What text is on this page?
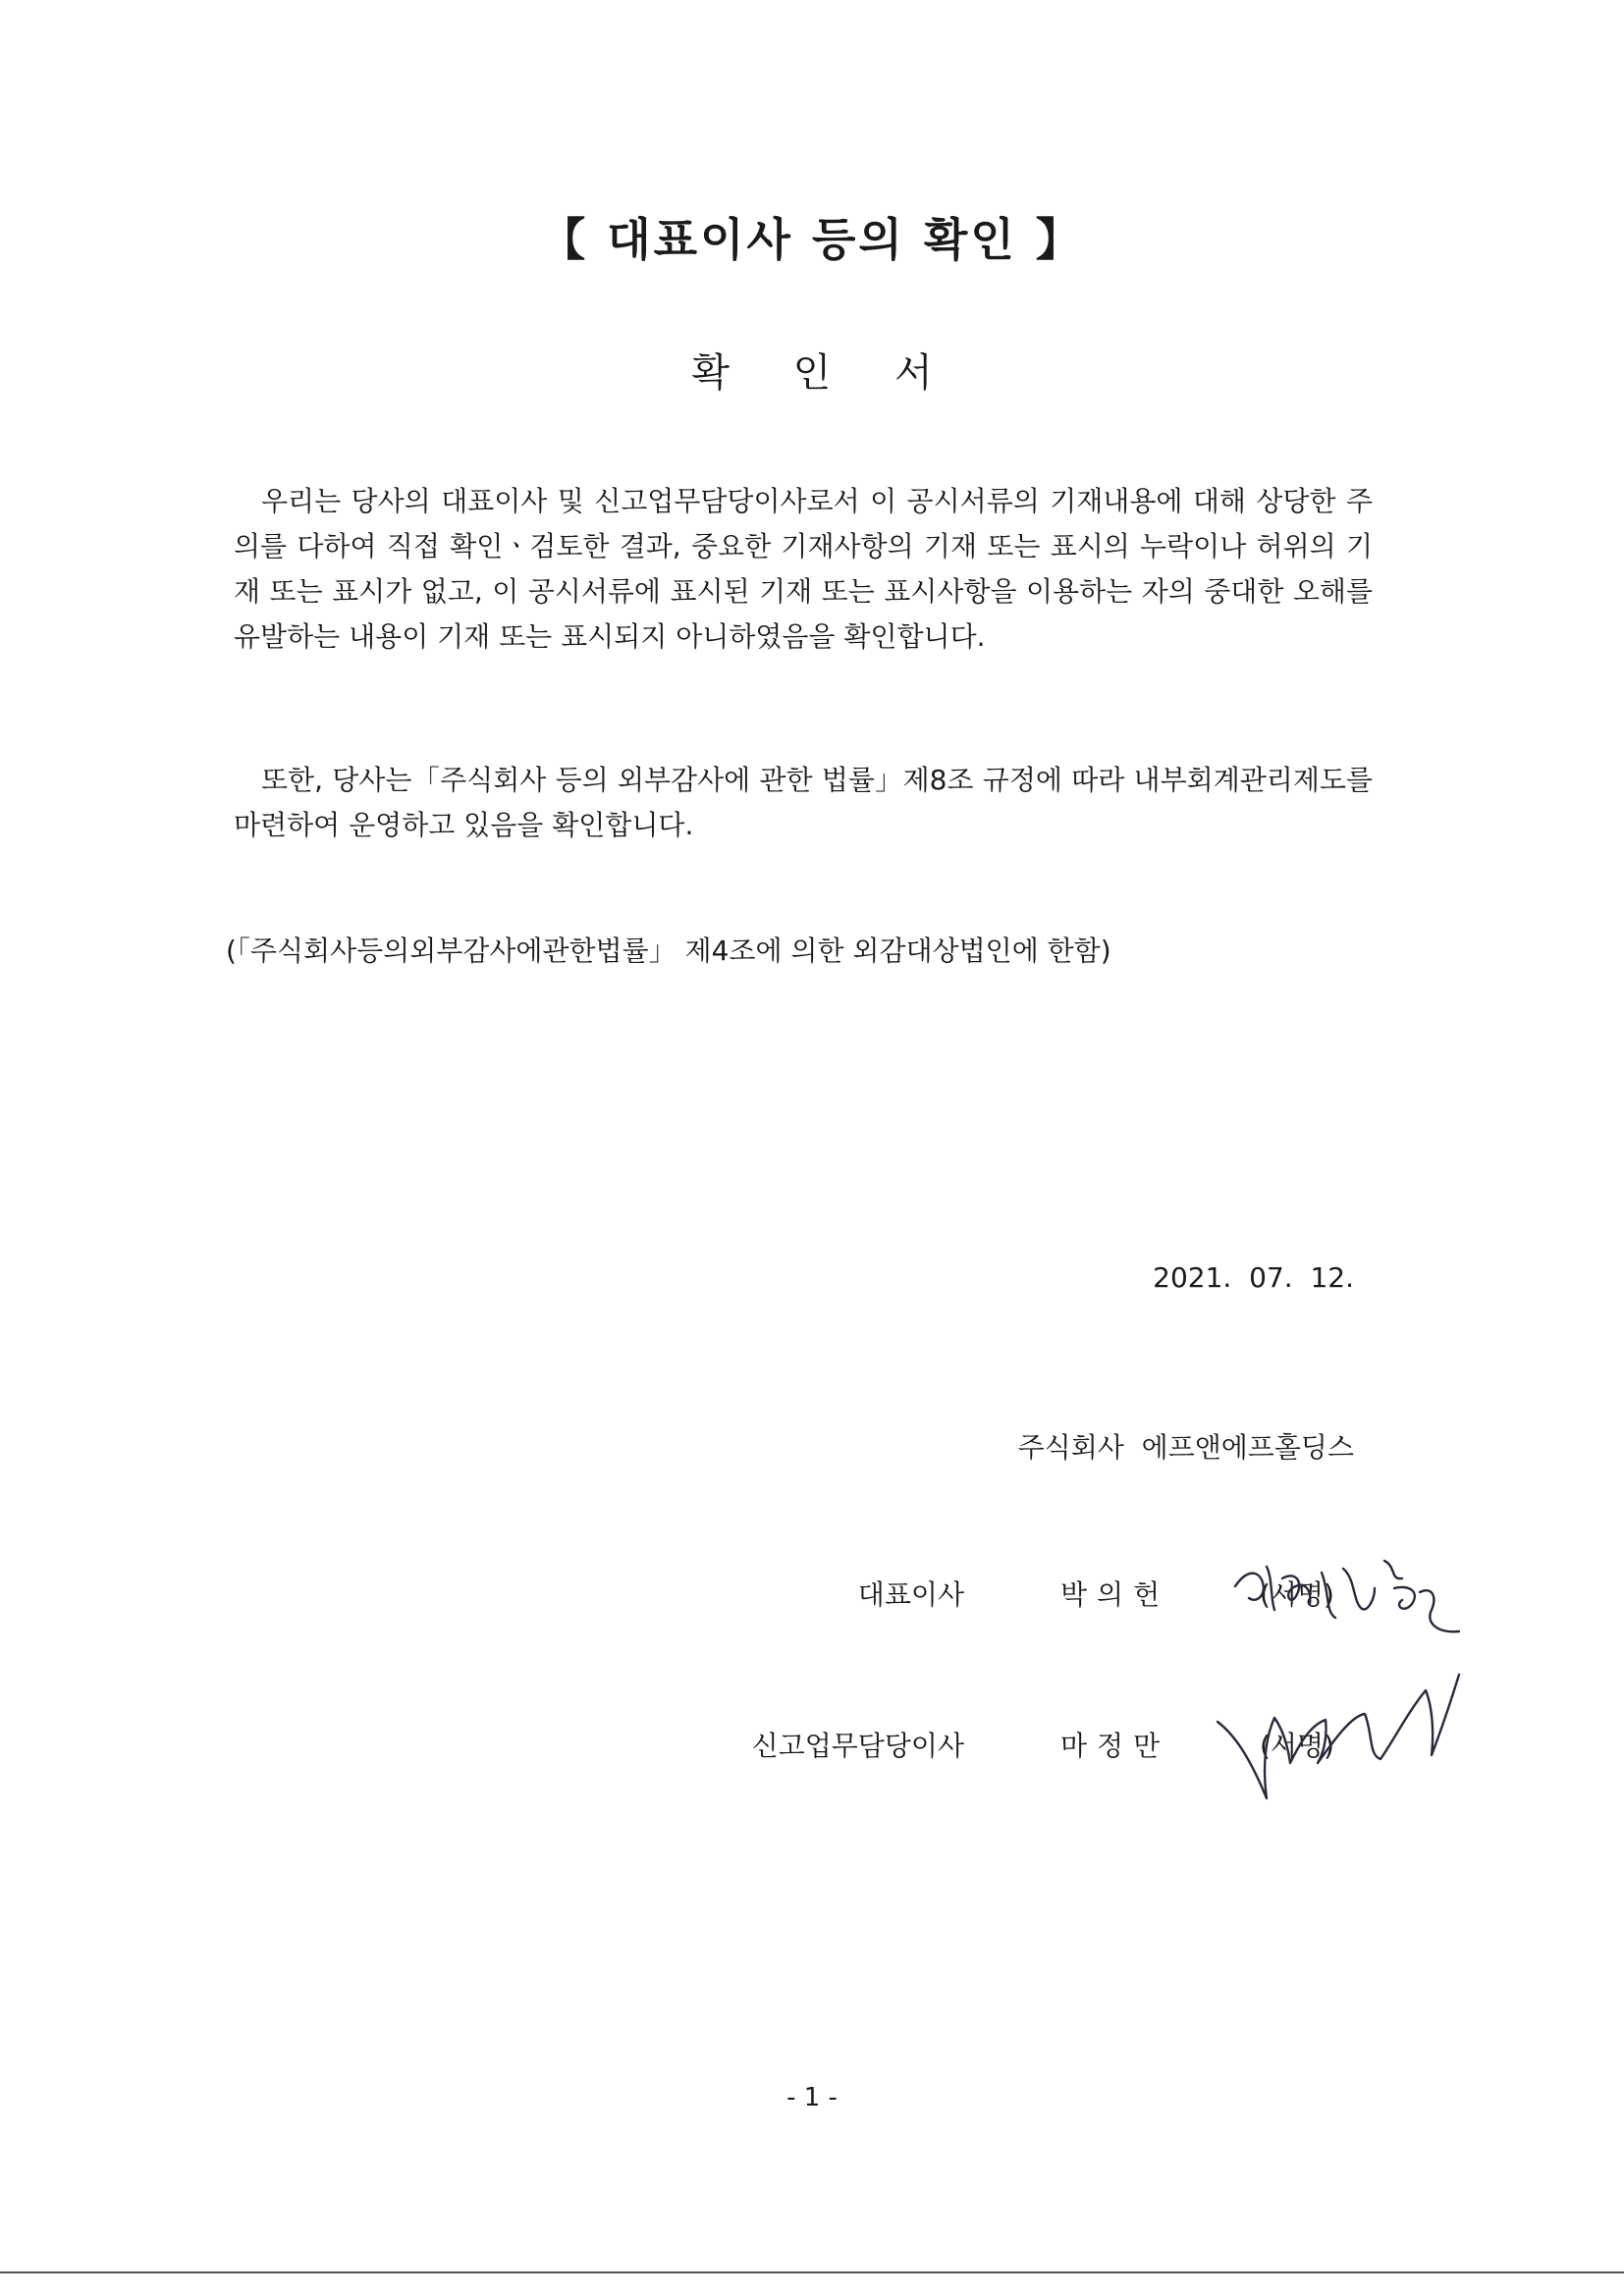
【 대표이사 등의 확인 】
확 인 서

우리는 당사의 대표이사 및 신고업무담당이사로서 이 공시서류의 기재내용에 대해 상당한 주의를 다하여 직접 확인ㆍ검토한 결과, 중요한 기재사항의 기재 또는 표시의 누락이나 허위의 기재 또는 표시가 없고, 이 공시서류에 표시된 기재 또는 표시사항을 이용하는 자의 중대한 오해를 유발하는 내용이 기재 또는 표시되지 아니하였음을 확인합니다.

또한, 당사는「주식회사 등의 외부감사에 관한 법률」제8조 규정에 따라 내부회계관리제도를 마련하여 운영하고 있음을 확인합니다.

(「주식회사등의외부감사에관한법률」 제4조에 의한 외감대상법인에 한함)
2021.  07.  12.
주식회사  에프앤에프홀딩스
대표이사	박의헌	(서명)
신고업무담당이사	마정만	(서명)
- 1 -
